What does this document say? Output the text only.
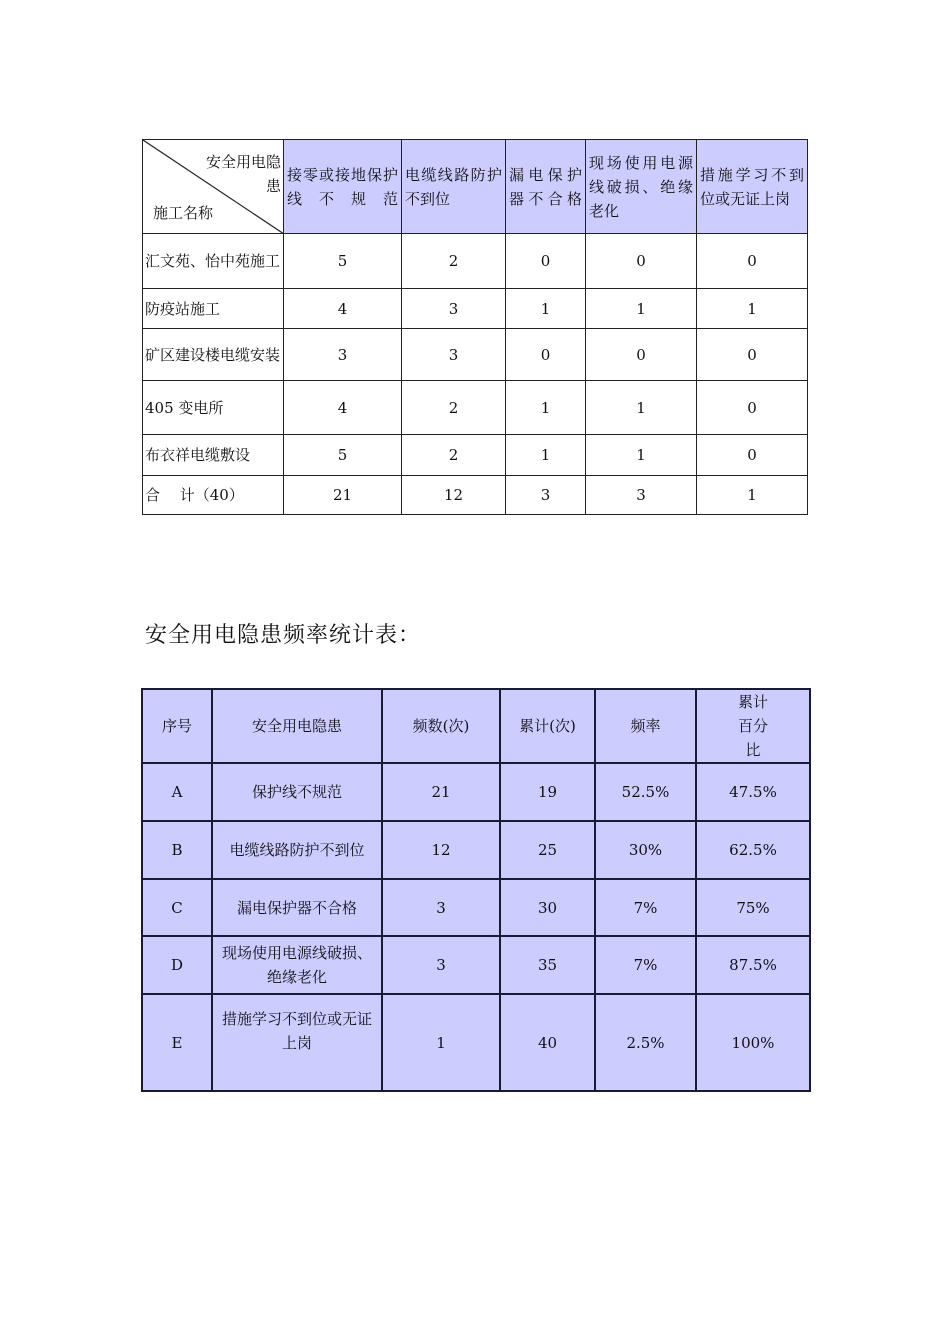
安全用电隐患
施工名称	接零或接地保护线不规范	电缆线路防护不到位	漏电保护器不合格	现场使用电源线破损、绝缘老化	措施学习不到位或无证上岗
汇文苑、怡中苑施工	5	2	0	0	0
防疫站施工	4	3	1	1	1
矿区建设楼电缆安装	3	3	0	0	0
405 变电所	4	2	1	1	0
布衣祥电缆敷设	5	2	1	1	0
合　 计（40）	21	12	3	3	1
安全用电隐患频率统计表：
序号	安全用电隐患	频数(次)	累计(次)	频率	累计百分比
A	保护线不规范	21	19	52.5%	47.5%
B	电缆线路防护不到位	12	25	30%	62.5%
C	漏电保护器不合格	3	30	7%	75%
D	现场使用电源线破损、绝缘老化	3	35	7%	87.5%
E	措施学习不到位或无证上岗	1	40	2.5%	100%
